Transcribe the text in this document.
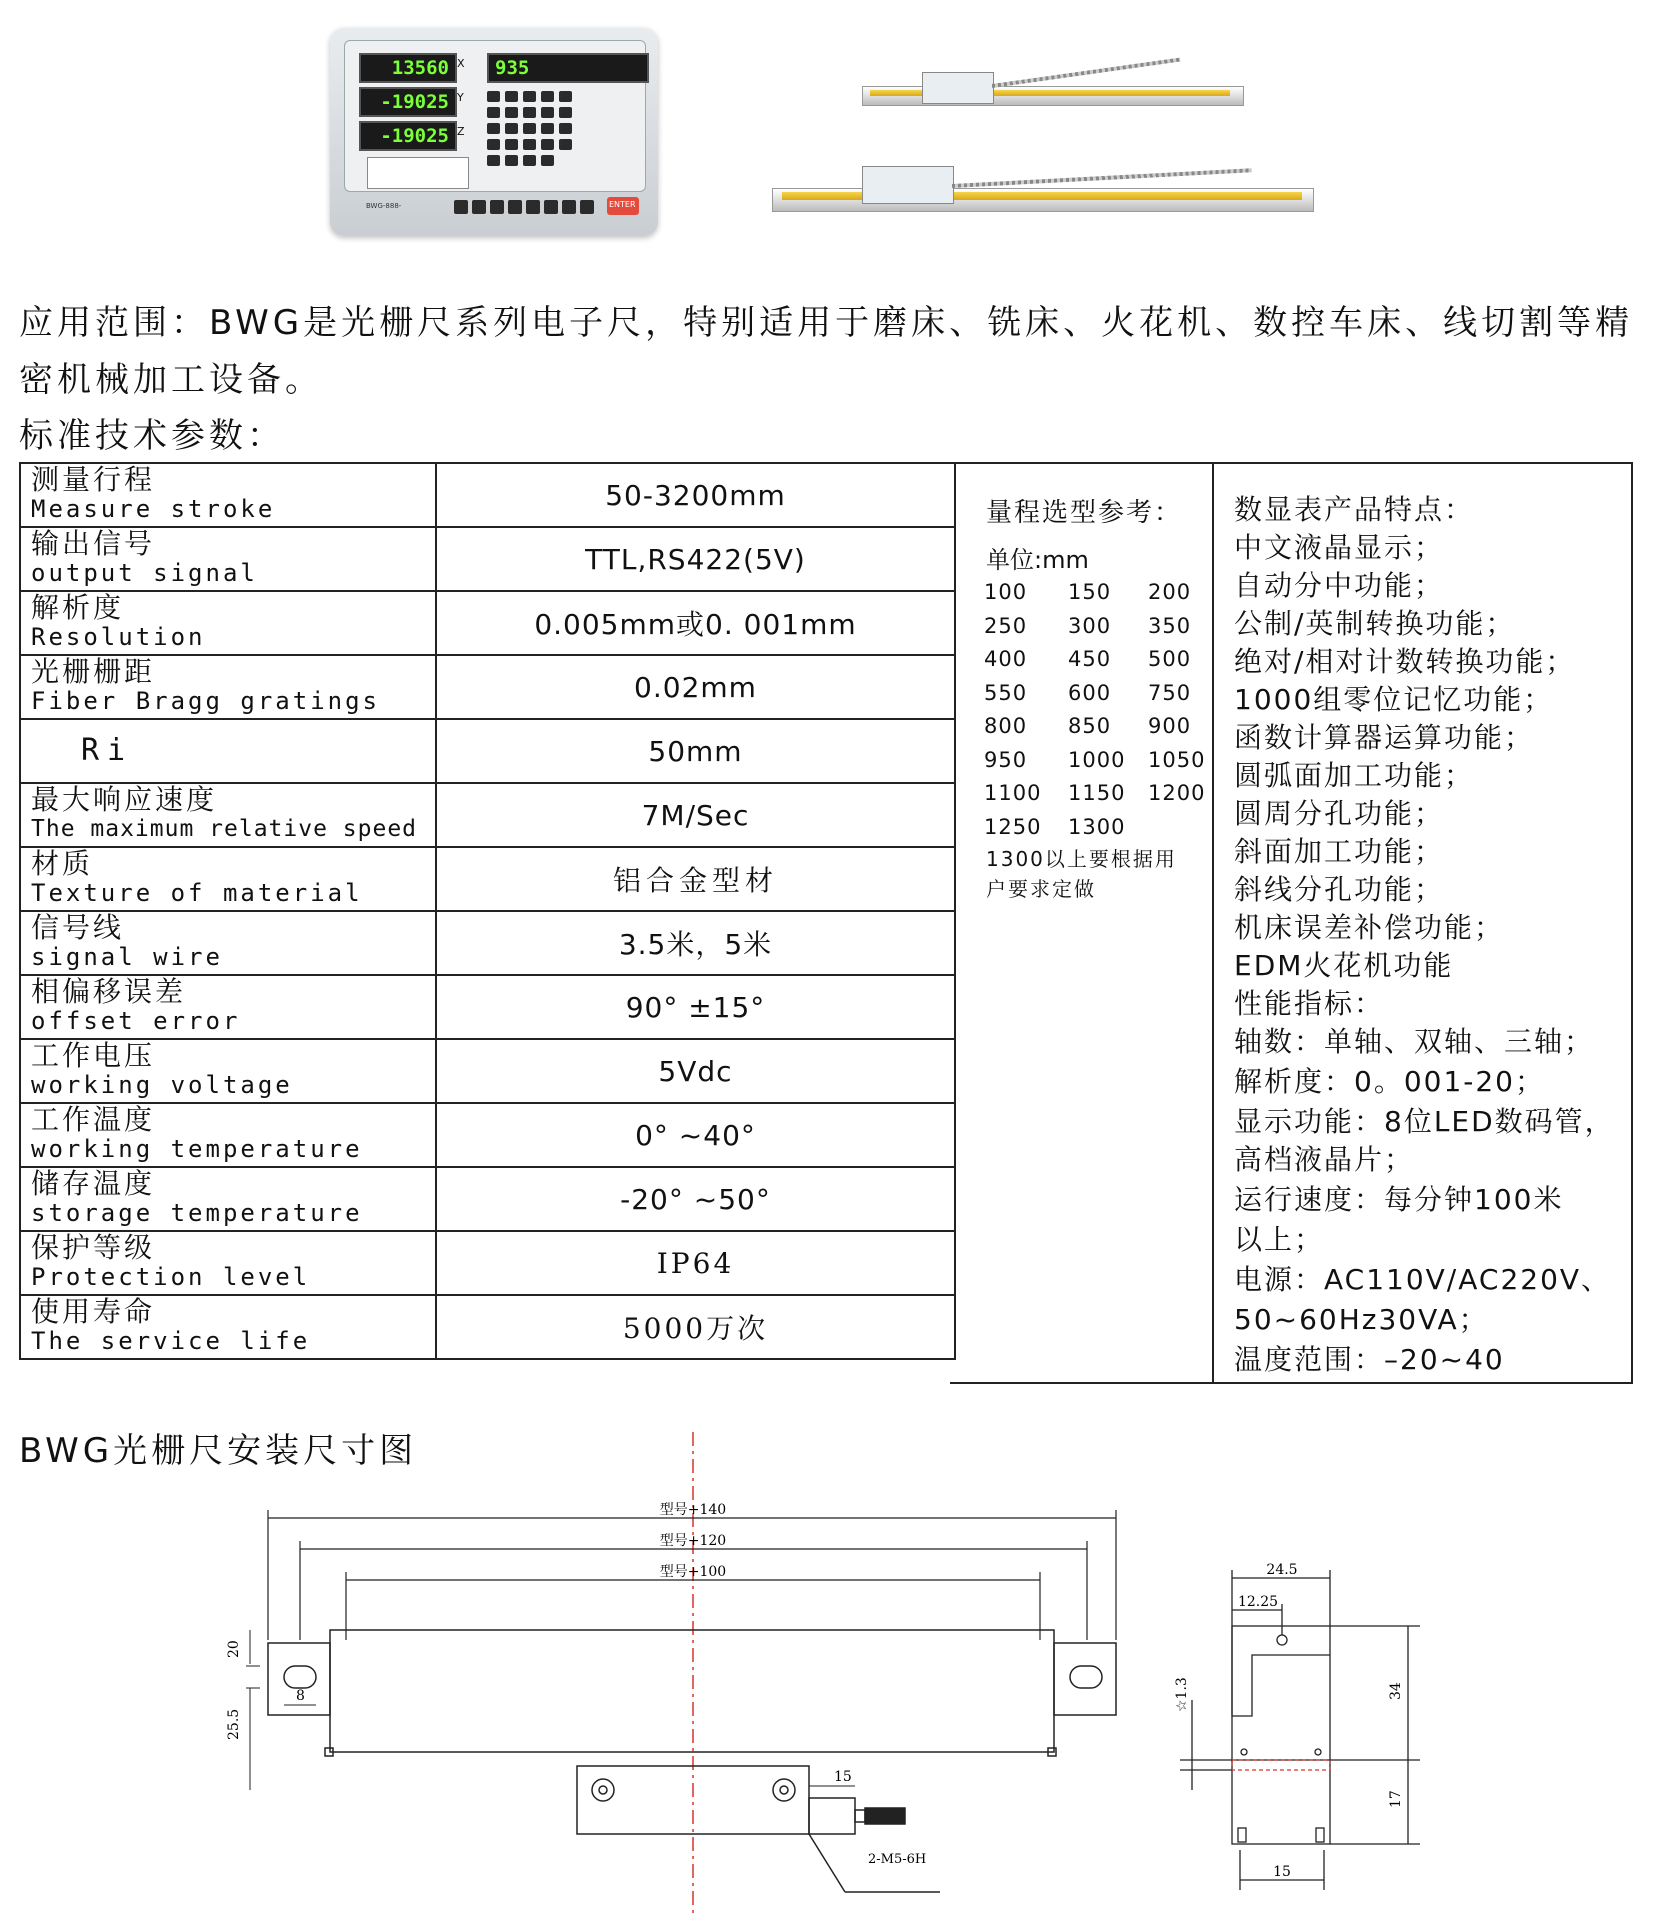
13560	935
-19025
-19025
X
Y
Z
ENTER
BWG-888-
应用范围：BWG是光栅尺系列电子尺，特别适用于磨床、铣床、火花机、数控车床、线切割等精
密机械加工设备。
标准技术参数：
测量行程
Measure stroke	50-3200mm

输出信号
output signal	TTL,RS422(5V)

解析度
Resolution	0.005mm或0. 001mm

光栅栅距
Fiber Bragg gratings	0.02mm

Ri	50mm

最大响应速度
The maximum relative speed	7M/Sec

材质
Texture of material	铝合金型材

信号线
signal wire	3.5米，5米

相偏移误差
offset error	90° ±15°

工作电压
working voltage	5Vdc

工作温度
working temperature	0° ~40°

储存温度
storage temperature	-20° ~50°

保护等级
Protection level	IP64

使用寿命
The service life	5000万次
量程选型参考：
单位:mm
100 150 200
250 300 350
400 450 500
550 600 750
800 850 900
950 1000 1050
1100 1150 1200
1250 1300
1300以上要根据用户要求定做
数显表产品特点：
中文液晶显示；
自动分中功能；
公制/英制转换功能；
绝对/相对计数转换功能；
1000组零位记忆功能；
函数计算器运算功能；
圆弧面加工功能；
圆周分孔功能；
斜面加工功能；
斜线分孔功能；
机床误差补偿功能；
EDM火花机功能
性能指标：
轴数：单轴、双轴、三轴；
解析度：0。001-20；
显示功能：8位LED数码管，
高档液晶片；
运行速度：每分钟100米
以上；
电源：AC110V/AC220V、
50~60Hz30VA；
温度范围：–20~40
BWG光栅尺安装尺寸图
型号+140
型号+120
型号+100
20
8
25.5
15
2-M5-6H
24.5
12.25
34
17
☆1.3
15
